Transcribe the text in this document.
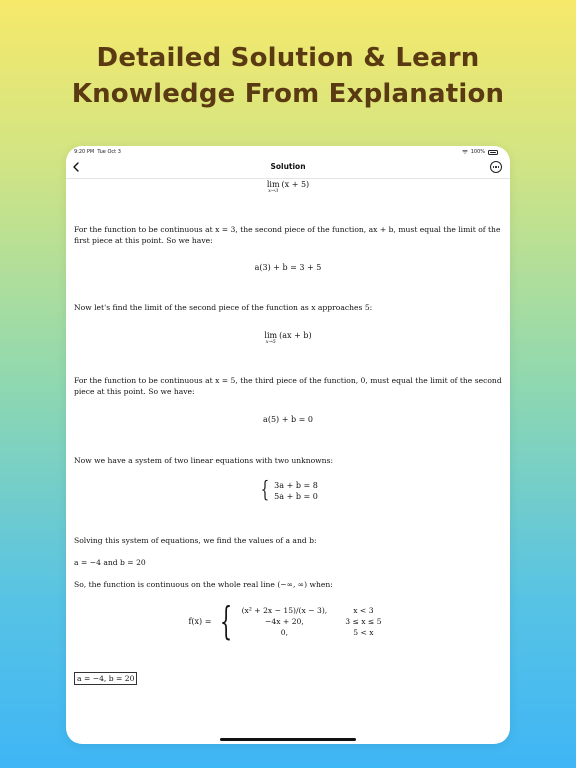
Detailed Solution & Learn
Knowledge From Explanation
9:20 PM Tue Oct 3	100%
Solution
lim
x→3
(x + 5)
For the function to be continuous at x = 3, the second piece of the function, ax + b, must equal the limit of the first piece at this point. So we have:
a(3) + b = 3 + 5
Now let's find the limit of the second piece of the function as x approaches 5:
lim
x→5
(ax + b)
For the function to be continuous at x = 5, the third piece of the function, 0, must equal the limit of the second piece at this point. So we have:
a(5) + b = 0
Now we have a system of two linear equations with two unknowns:
{ 3a + b = 8
5a + b = 0
Solving this system of equations, we find the values of a and b:
a = −4 and b = 20
So, the function is continuous on the whole real line (−∞, ∞) when:
f(x) = { (x² + 2x − 15)/(x − 3),	x < 3
−4x + 20,	3 ≤ x ≤ 5
0,	5 < x
a = −4, b = 20
